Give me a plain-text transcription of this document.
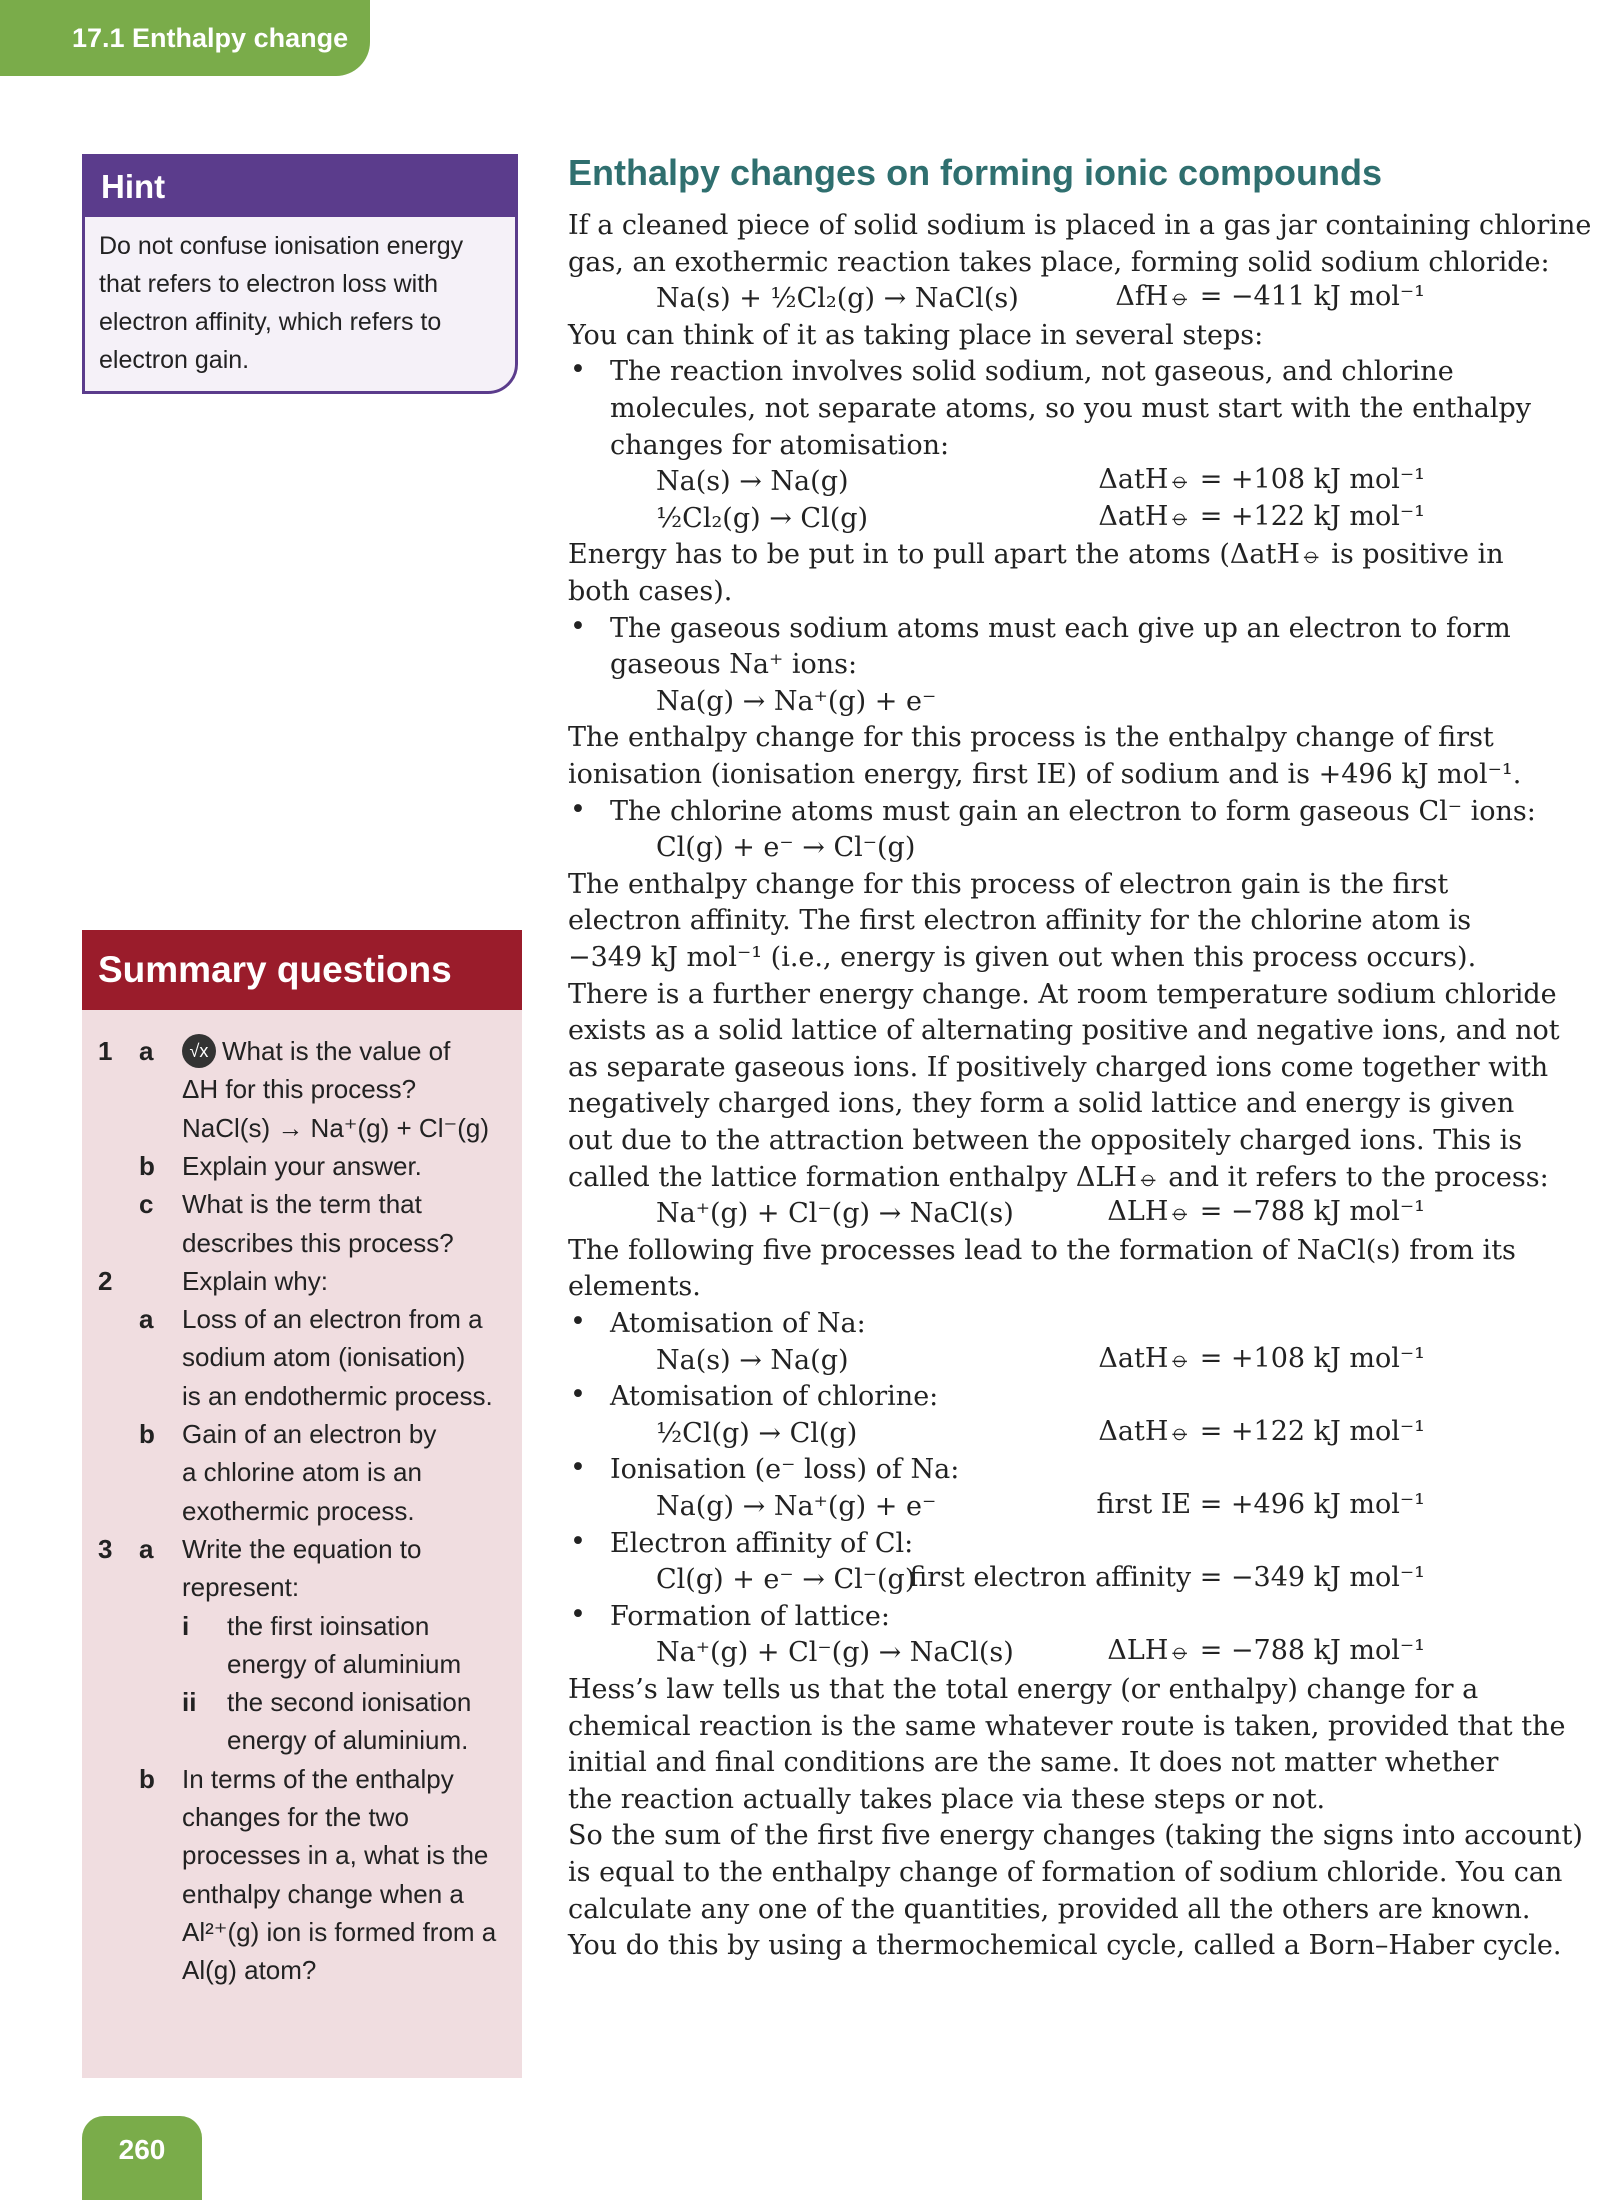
17.1 Enthalpy change
Hint
Do not confuse ionisation energy
that refers to electron loss with
electron affinity, which refers to
electron gain.
Summary questions
1 a	What is the value of
√x
ΔH for this process?
NaCl(s) → Na⁺(g) + Cl⁻(g)
b Explain your answer.
c What is the term that
describes this process?
2	Explain why:
a Loss of an electron from a
sodium atom (ionisation)
is an endothermic process.
b Gain of an electron by
a chlorine atom is an
exothermic process.
3 a Write the equation to
represent:
i the first ioinsation
energy of aluminium
ii the second ionisation
energy of aluminium.
b In terms of the enthalpy
changes for the two
processes in a, what is the
enthalpy change when a
Al²⁺(g) ion is formed from a
Al(g) atom?
260
Enthalpy changes on forming ionic compounds
If a cleaned piece of solid sodium is placed in a gas jar containing chlorine
gas, an exothermic reaction takes place, forming solid sodium chloride:
ΔfH⦵ = −411 kJ mol⁻¹
Na(s) + ½Cl₂(g) → NaCl(s)
You can think of it as taking place in several steps:
• The reaction involves solid sodium, not gaseous, and chlorine
molecules, not separate atoms, so you must start with the enthalpy
changes for atomisation:
ΔatH⦵ = +108 kJ mol⁻¹
Na(s) → Na(g)
ΔatH⦵ = +122 kJ mol⁻¹
½Cl₂(g) → Cl(g)
Energy has to be put in to pull apart the atoms (ΔatH⦵ is positive in
both cases).
• The gaseous sodium atoms must each give up an electron to form
gaseous Na⁺ ions:
Na(g) → Na⁺(g) + e⁻
The enthalpy change for this process is the enthalpy change of first
ionisation (ionisation energy, first IE) of sodium and is +496 kJ mol⁻¹.
• The chlorine atoms must gain an electron to form gaseous Cl⁻ ions:
Cl(g) + e⁻ → Cl⁻(g)
The enthalpy change for this process of electron gain is the first
electron affinity. The first electron affinity for the chlorine atom is
−349 kJ mol⁻¹ (i.e., energy is given out when this process occurs).
There is a further energy change. At room temperature sodium chloride
exists as a solid lattice of alternating positive and negative ions, and not
as separate gaseous ions. If positively charged ions come together with
negatively charged ions, they form a solid lattice and energy is given
out due to the attraction between the oppositely charged ions. This is
called the lattice formation enthalpy ΔLH⦵ and it refers to the process:
ΔLH⦵ = −788 kJ mol⁻¹
Na⁺(g) + Cl⁻(g) → NaCl(s)
The following five processes lead to the formation of NaCl(s) from its
elements.
• Atomisation of Na:
ΔatH⦵ = +108 kJ mol⁻¹
Na(s) → Na(g)
• Atomisation of chlorine:
ΔatH⦵ = +122 kJ mol⁻¹
½Cl(g) → Cl(g)
• Ionisation (e⁻ loss) of Na:
first IE = +496 kJ mol⁻¹
Na(g) → Na⁺(g) + e⁻
• Electron affinity of Cl:
first electron affinity = −349 kJ mol⁻¹
Cl(g) + e⁻ → Cl⁻(g)
• Formation of lattice:
ΔLH⦵ = −788 kJ mol⁻¹
Na⁺(g) + Cl⁻(g) → NaCl(s)
Hess’s law tells us that the total energy (or enthalpy) change for a
chemical reaction is the same whatever route is taken, provided that the
initial and final conditions are the same. It does not matter whether
the reaction actually takes place via these steps or not.
So the sum of the first five energy changes (taking the signs into account)
is equal to the enthalpy change of formation of sodium chloride. You can
calculate any one of the quantities, provided all the others are known.
You do this by using a thermochemical cycle, called a Born–Haber cycle.
